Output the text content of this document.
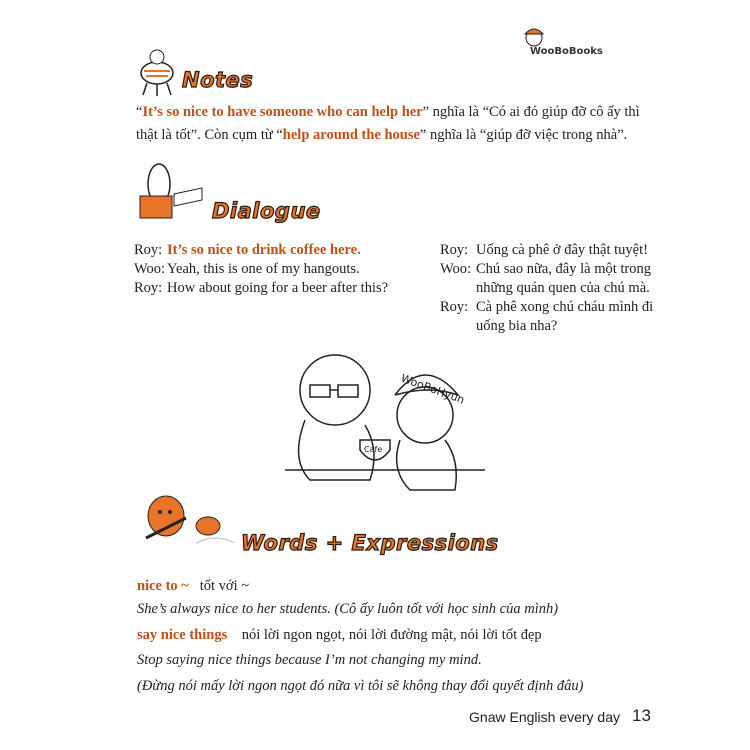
WooBoBooks
Notes
“It’s so nice to have someone who can help her” nghĩa là “Có ai đó giúp đỡ cô ấy thì
thật là tốt”. Còn cụm từ “help around the house” nghĩa là “giúp đỡ việc trong nhà”.
Dialogue
Roy: It’s so nice to drink coffee here.
Woo: Yeah, this is one of my hangouts.
Roy: How about going for a beer after this?
Roy: Uống cà phê ở đây thật tuyệt!
Woo: Chú sao nữa, đây là một trong
những quán quen của chú mà.
Roy: Cà phê xong chú cháu mình đi
uống bia nha?
WooBoHyun
Cafe
Words + Expressions
nice to ~ tốt với ~
She’s always nice to her students. (Cô ấy luôn tốt với học sinh của mình)
say nice things nói lời ngon ngọt, nói lời đường mật, nói lời tốt đẹp
Stop saying nice things because I’m not changing my mind.
(Đừng nói mấy lời ngon ngọt đó nữa vì tôi sẽ không thay đổi quyết định đâu)
Gnaw English every day 13
